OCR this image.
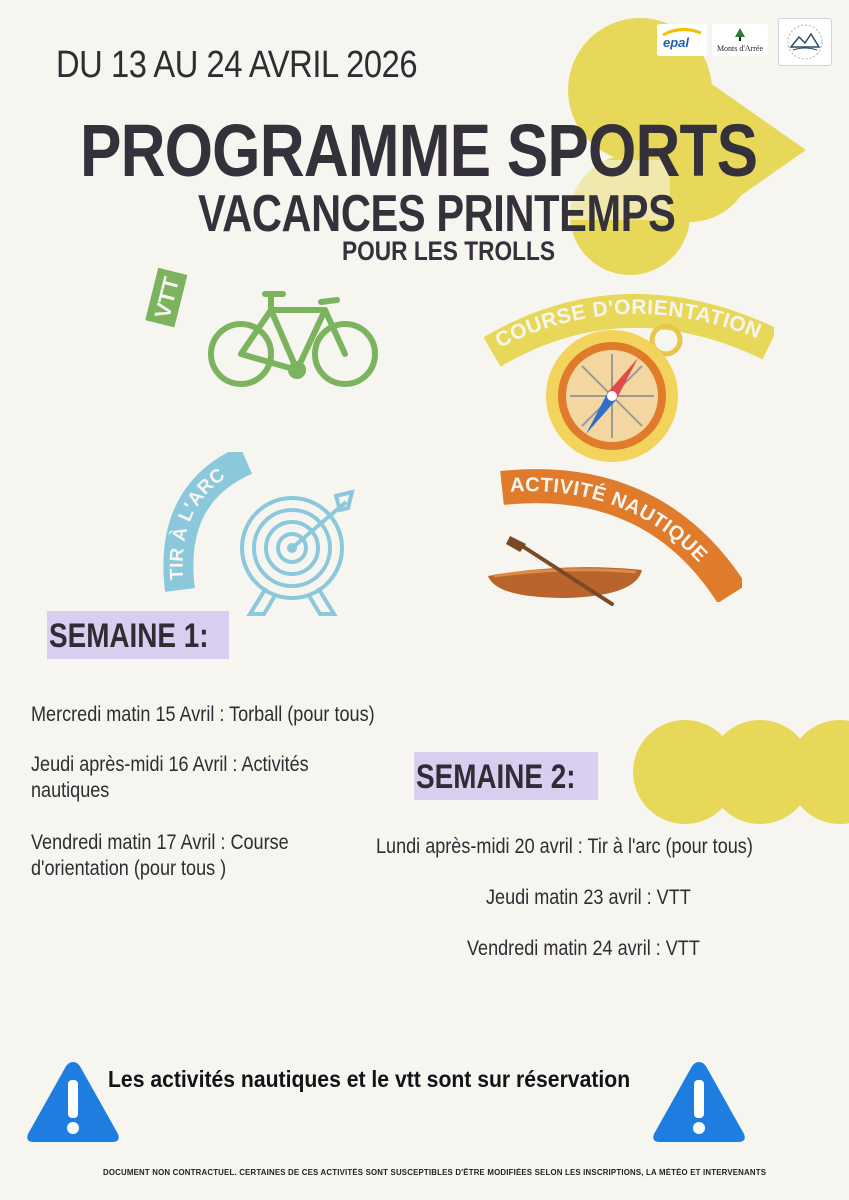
DU 13 AU 24 AVRIL 2026
PROGRAMME SPORTS
VACANCES PRINTEMPS
POUR LES TROLLS
epal	Monts d'Arrée
VTT
COURSE D'ORIENTATION
TIR À L'ARC	ACTIVITÉ NAUTIQUE
SEMAINE 1:
Mercredi matin 15 Avril : Torball (pour tous)
Jeudi après-midi 16 Avril : Activités
nautiques
Vendredi matin 17 Avril : Course
d'orientation (pour tous )
SEMAINE 2:
Lundi après-midi 20 avril : Tir à l'arc (pour tous)
Jeudi matin 23 avril : VTT
Vendredi matin 24 avril : VTT
Les activités nautiques et le vtt sont sur réservation
DOCUMENT NON CONTRACTUEL. CERTAINES DE CES ACTIVITÉS SONT SUSCEPTIBLES D'ÊTRE MODIFIÉES SELON LES INSCRIPTIONS, LA MÉTÉO ET INTERVENANTS
